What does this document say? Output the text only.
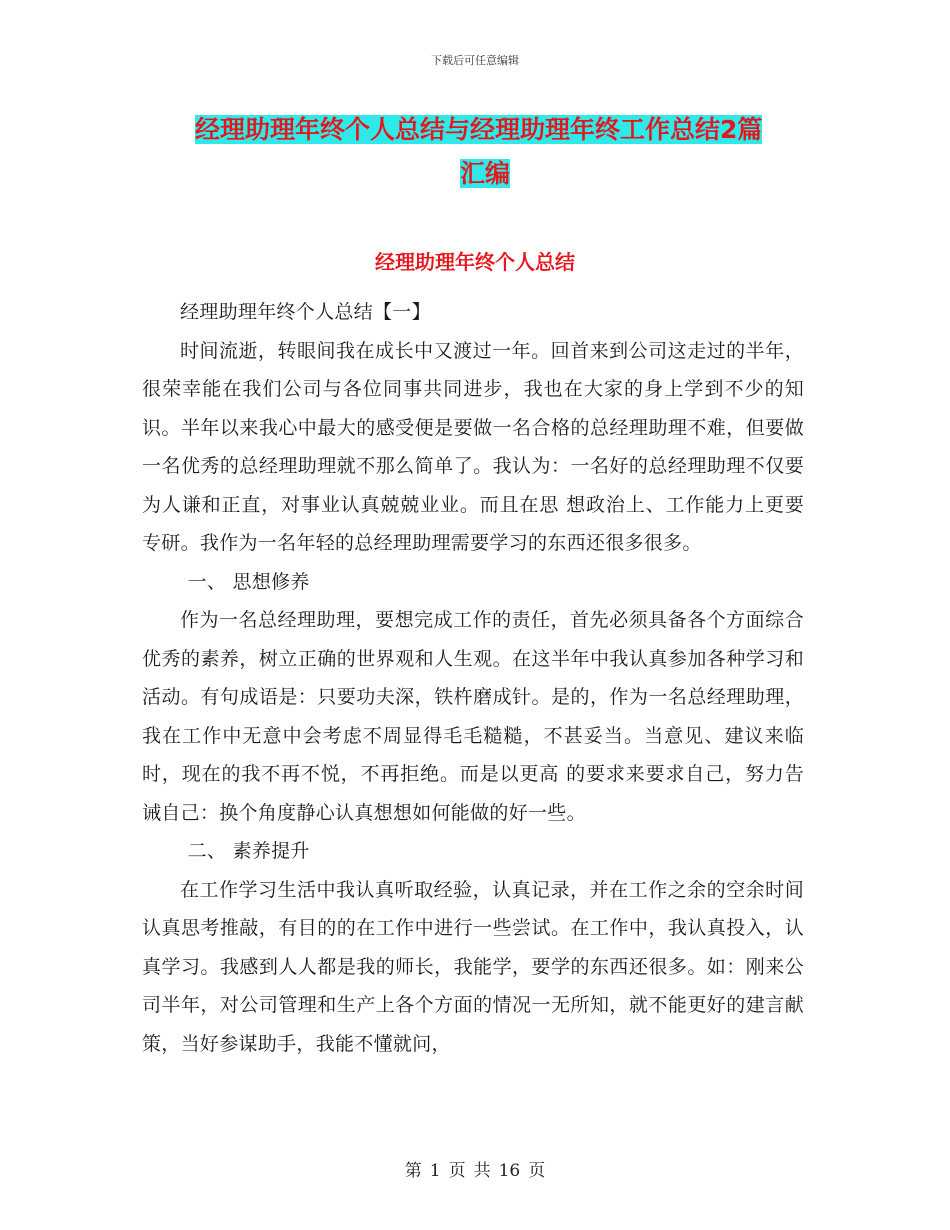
下载后可任意编辑
经理助理年终个人总结与经理助理年终工作总结2篇
汇编
经理助理年终个人总结

经理助理年终个人总结【一】

时间流逝，转眼间我在成长中又渡过一年。回首来到公司这走过的半年，很荣幸能在我们公司与各位同事共同进步，我也在大家的身上学到不少的知识。半年以来我心中最大的感受便是要做一名合格的总经理助理不难，但要做一名优秀的总经理助理就不那么简单了。我认为：一名好的总经理助理不仅要为人谦和正直，对事业认真兢兢业业。而且在思 想政治上、工作能力上更要专研。我作为一名年轻的总经理助理需要学习的东西还很多很多。

一、 思想修养

作为一名总经理助理，要想完成工作的责任，首先必须具备各个方面综合优秀的素养，树立正确的世界观和人生观。在这半年中我认真参加各种学习和活动。有句成语是：只要功夫深，铁杵磨成针。是的，作为一名总经理助理，我在工作中无意中会考虑不周显得毛毛糙糙，不甚妥当。当意见、建议来临时，现在的我不再不悦，不再拒绝。而是以更高 的要求来要求自己，努力告诫自己：换个角度静心认真想想如何能做的好一些。

二、 素养提升

在工作学习生活中我认真听取经验，认真记录，并在工作之余的空余时间认真思考推敲，有目的的在工作中进行一些尝试。在工作中，我认真投入，认真学习。我感到人人都是我的师长，我能学，要学的东西还很多。如：刚来公司半年，对公司管理和生产上各个方面的情况一无所知，就不能更好的建言献策，当好参谋助手，我能不懂就问，

第 1 页 共 16 页
